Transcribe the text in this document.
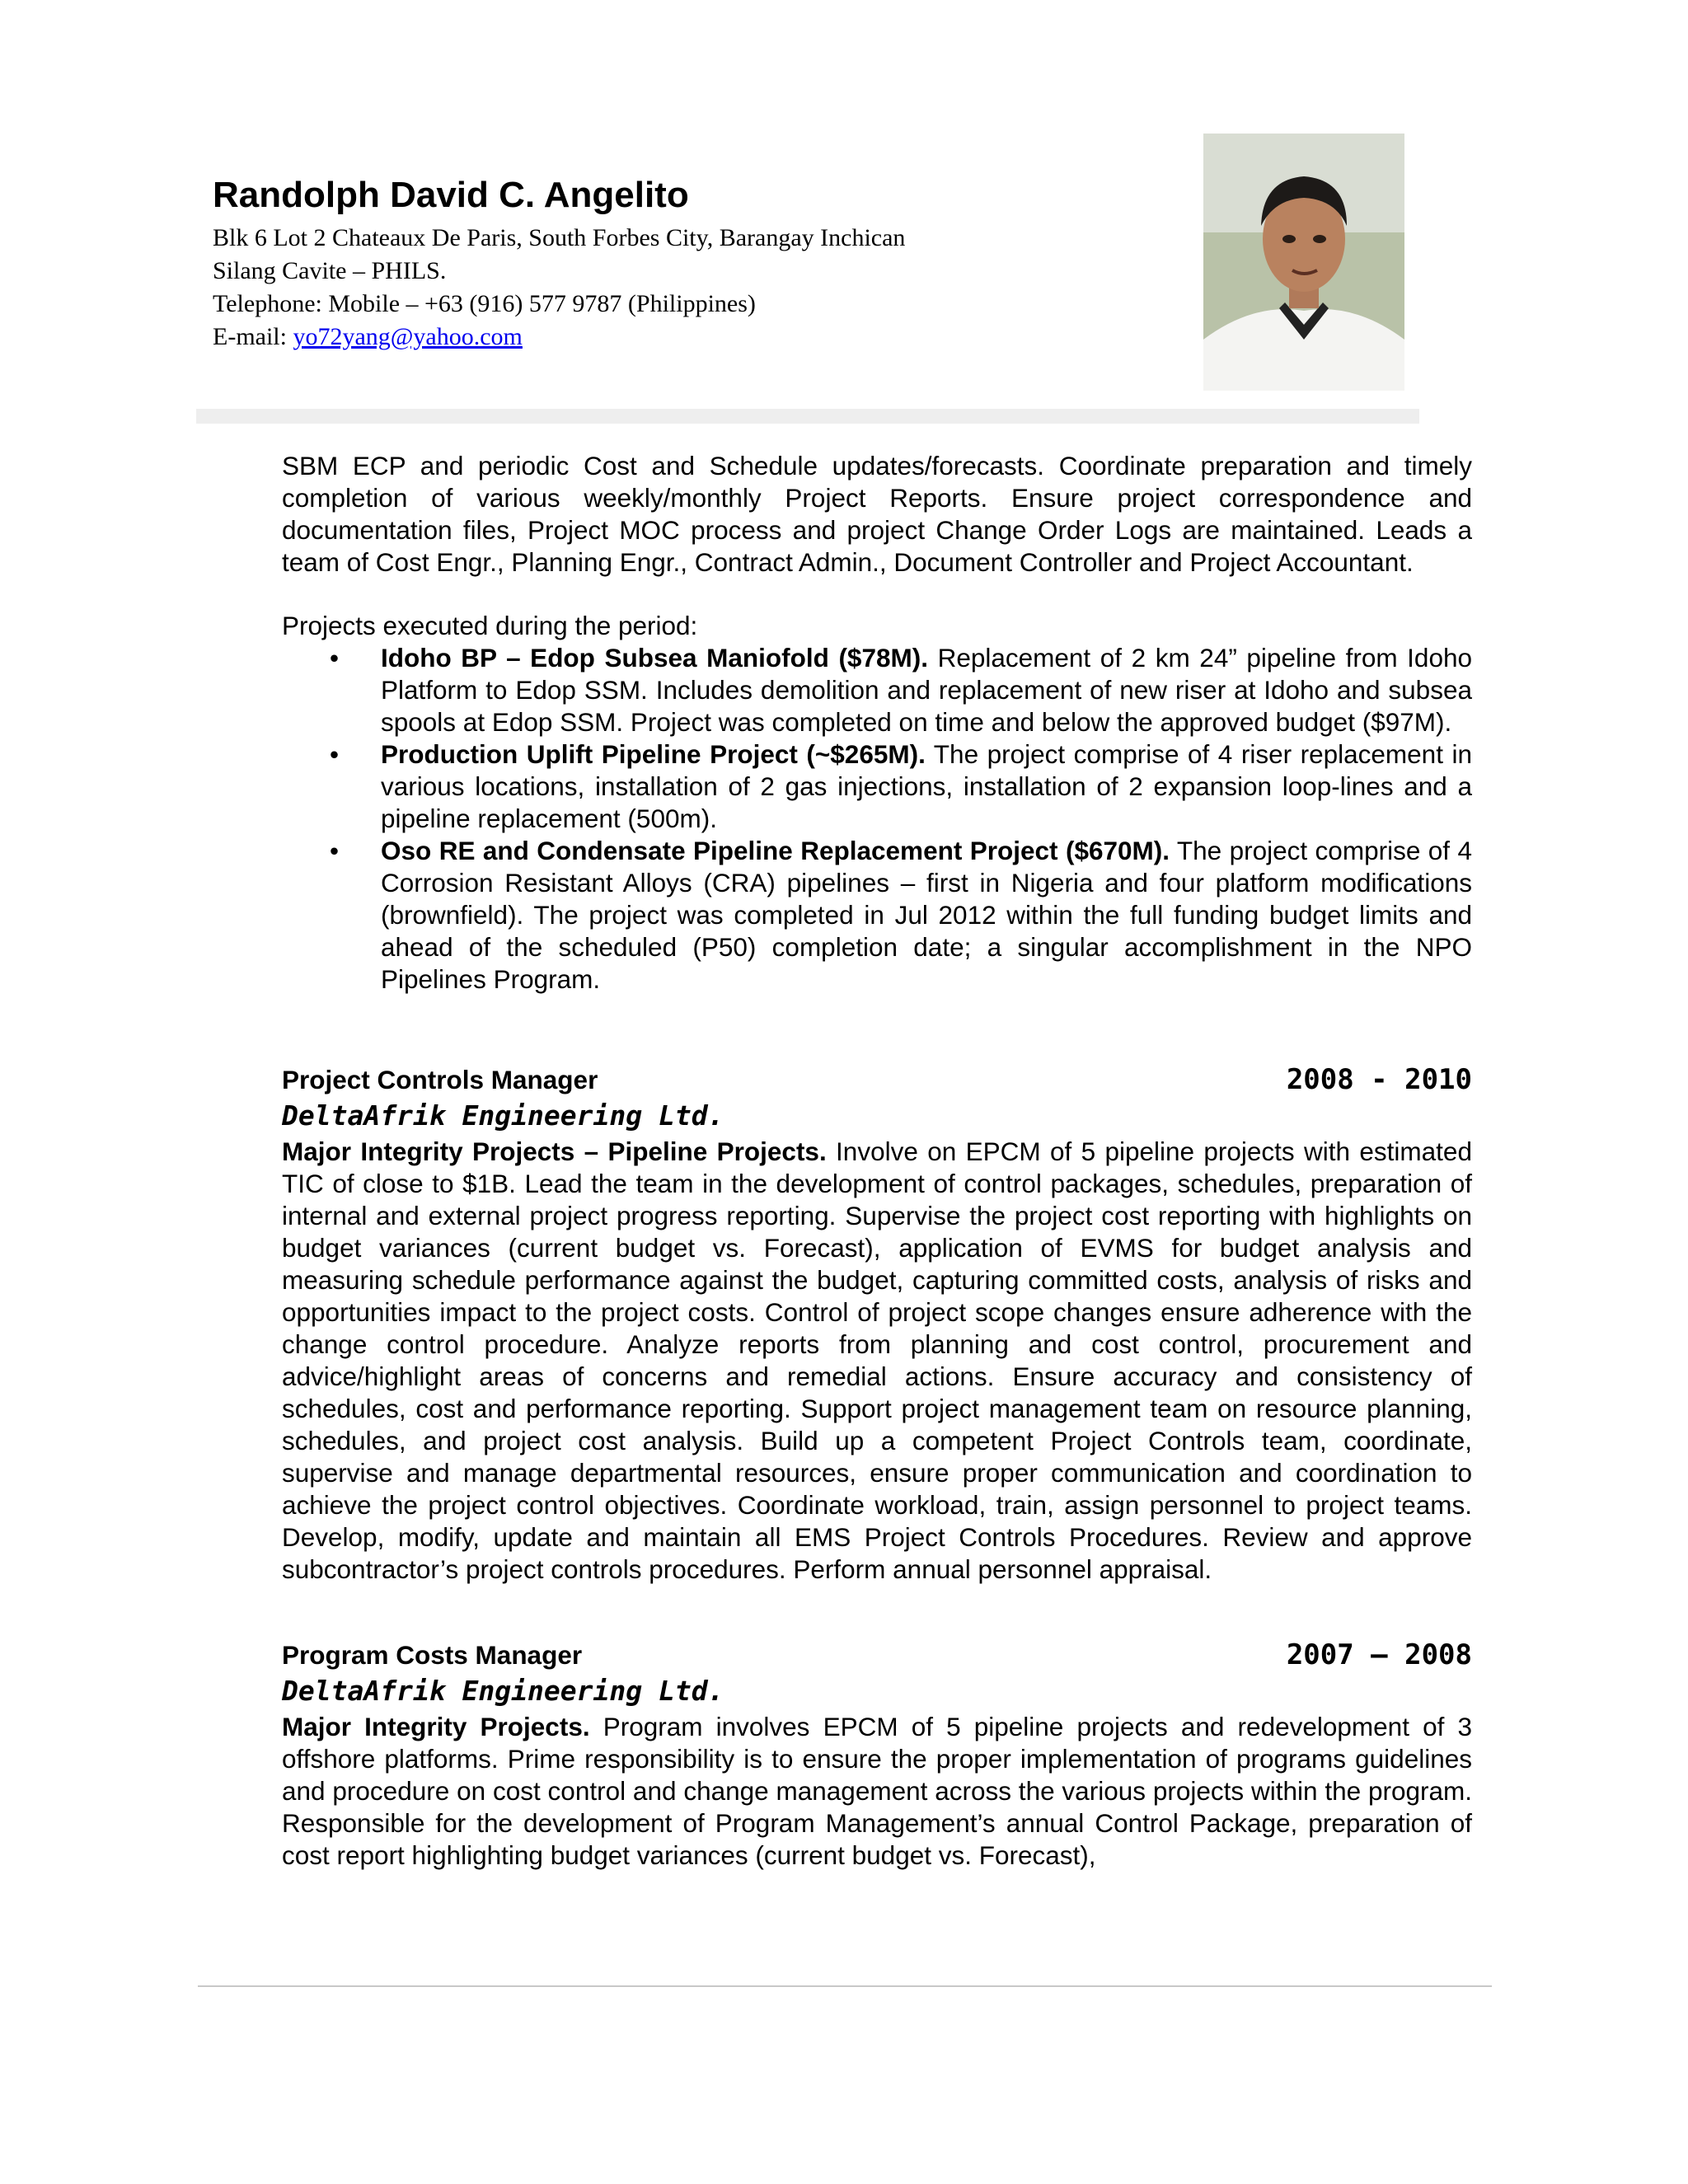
Randolph David C. Angelito
Blk 6 Lot 2 Chateaux De Paris, South Forbes City, Barangay Inchican
Silang Cavite – PHILS.
Telephone: Mobile – +63 (916) 577 9787 (Philippines)
E-mail: yo72yang@yahoo.com

SBM ECP and periodic Cost and Schedule updates/forecasts. Coordinate preparation and timely completion of various weekly/monthly Project Reports. Ensure project correspondence and documentation files, Project MOC process and project Change Order Logs are maintained. Leads a team of Cost Engr., Planning Engr., Contract Admin., Document Controller and Project Accountant.

Projects executed during the period:

• Idoho BP – Edop Subsea Maniofold ($78M). Replacement of 2 km 24” pipeline from Idoho Platform to Edop SSM. Includes demolition and replacement of new riser at Idoho and subsea spools at Edop SSM. Project was completed on time and below the approved budget ($97M).
• Production Uplift Pipeline Project (~$265M). The project comprise of 4 riser replacement in various locations, installation of 2 gas injections, installation of 2 expansion loop-lines and a pipeline replacement (500m).
• Oso RE and Condensate Pipeline Replacement Project ($670M). The project comprise of 4 Corrosion Resistant Alloys (CRA) pipelines – first in Nigeria and four platform modifications (brownfield). The project was completed in Jul 2012 within the full funding budget limits and ahead of the scheduled (P50) completion date; a singular accomplishment in the NPO Pipelines Program.
Project Controls Manager	2008 - 2010
DeltaAfrik Engineering Ltd.

Major Integrity Projects – Pipeline Projects. Involve on EPCM of 5 pipeline projects with estimated TIC of close to $1B. Lead the team in the development of control packages, schedules, preparation of internal and external project progress reporting. Supervise the project cost reporting with highlights on budget variances (current budget vs. Forecast), application of EVMS for budget analysis and measuring schedule performance against the budget, capturing committed costs, analysis of risks and opportunities impact to the project costs. Control of project scope changes ensure adherence with the change control procedure. Analyze reports from planning and cost control, procurement and advice/highlight areas of concerns and remedial actions. Ensure accuracy and consistency of schedules, cost and performance reporting. Support project management team on resource planning, schedules, and project cost analysis. Build up a competent Project Controls team, coordinate, supervise and manage departmental resources, ensure proper communication and coordination to achieve the project control objectives. Coordinate workload, train, assign personnel to project teams. Develop, modify, update and maintain all EMS Project Controls Procedures. Review and approve subcontractor’s project controls procedures. Perform annual personnel appraisal.

Program Costs Manager	2007 – 2008
DeltaAfrik Engineering Ltd.

Major Integrity Projects. Program involves EPCM of 5 pipeline projects and redevelopment of 3 offshore platforms. Prime responsibility is to ensure the proper implementation of programs guidelines and procedure on cost control and change management across the various projects within the program. Responsible for the development of Program Management’s annual Control Package, preparation of cost report highlighting budget variances (current budget vs. Forecast),
